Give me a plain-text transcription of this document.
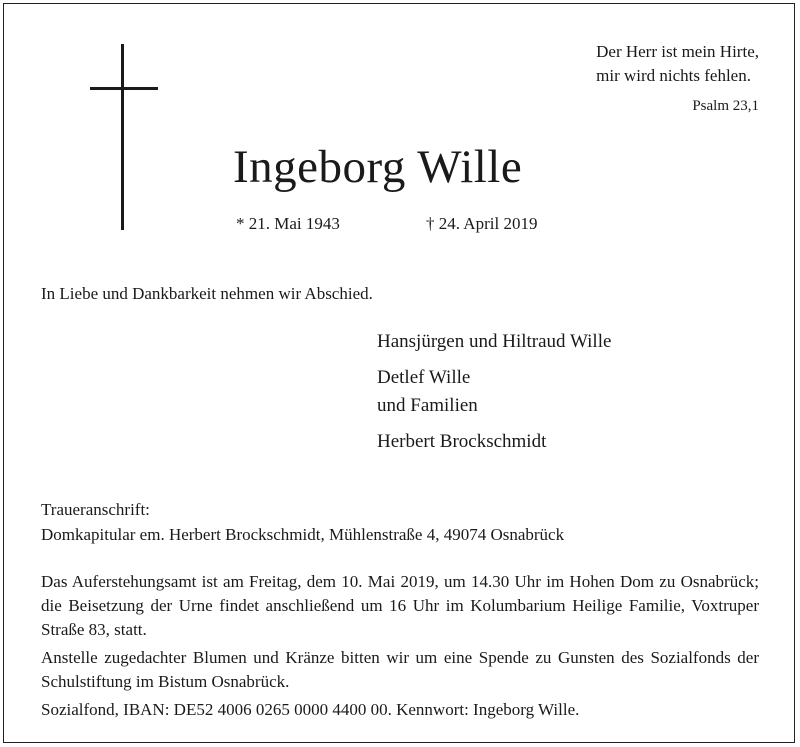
Der Herr ist mein Hirte,
mir wird nichts fehlen.
Psalm 23,1
Ingeborg Wille
* 21. Mai 1943	† 24. April 2019
In Liebe und Dankbarkeit nehmen wir Abschied.
Hansjürgen und Hiltraud Wille
Detlef Wille
und Familien
Herbert Brockschmidt
Traueranschrift:
Domkapitular em. Herbert Brockschmidt, Mühlenstraße 4, 49074 Osnabrück

Das Auferstehungsamt ist am Freitag, dem 10. Mai 2019, um 14.30 Uhr im Hohen Dom zu Osnabrück; die Beisetzung der Urne findet anschließend um 16 Uhr im Kolumbarium Heilige Familie, Voxtruper Straße 83, statt.

Anstelle zugedachter Blumen und Kränze bitten wir um eine Spende zu Gunsten des Sozialfonds der Schulstiftung im Bistum Osnabrück.

Sozialfond, IBAN: DE52 4006 0265 0000 4400 00. Kennwort: Ingeborg Wille.
